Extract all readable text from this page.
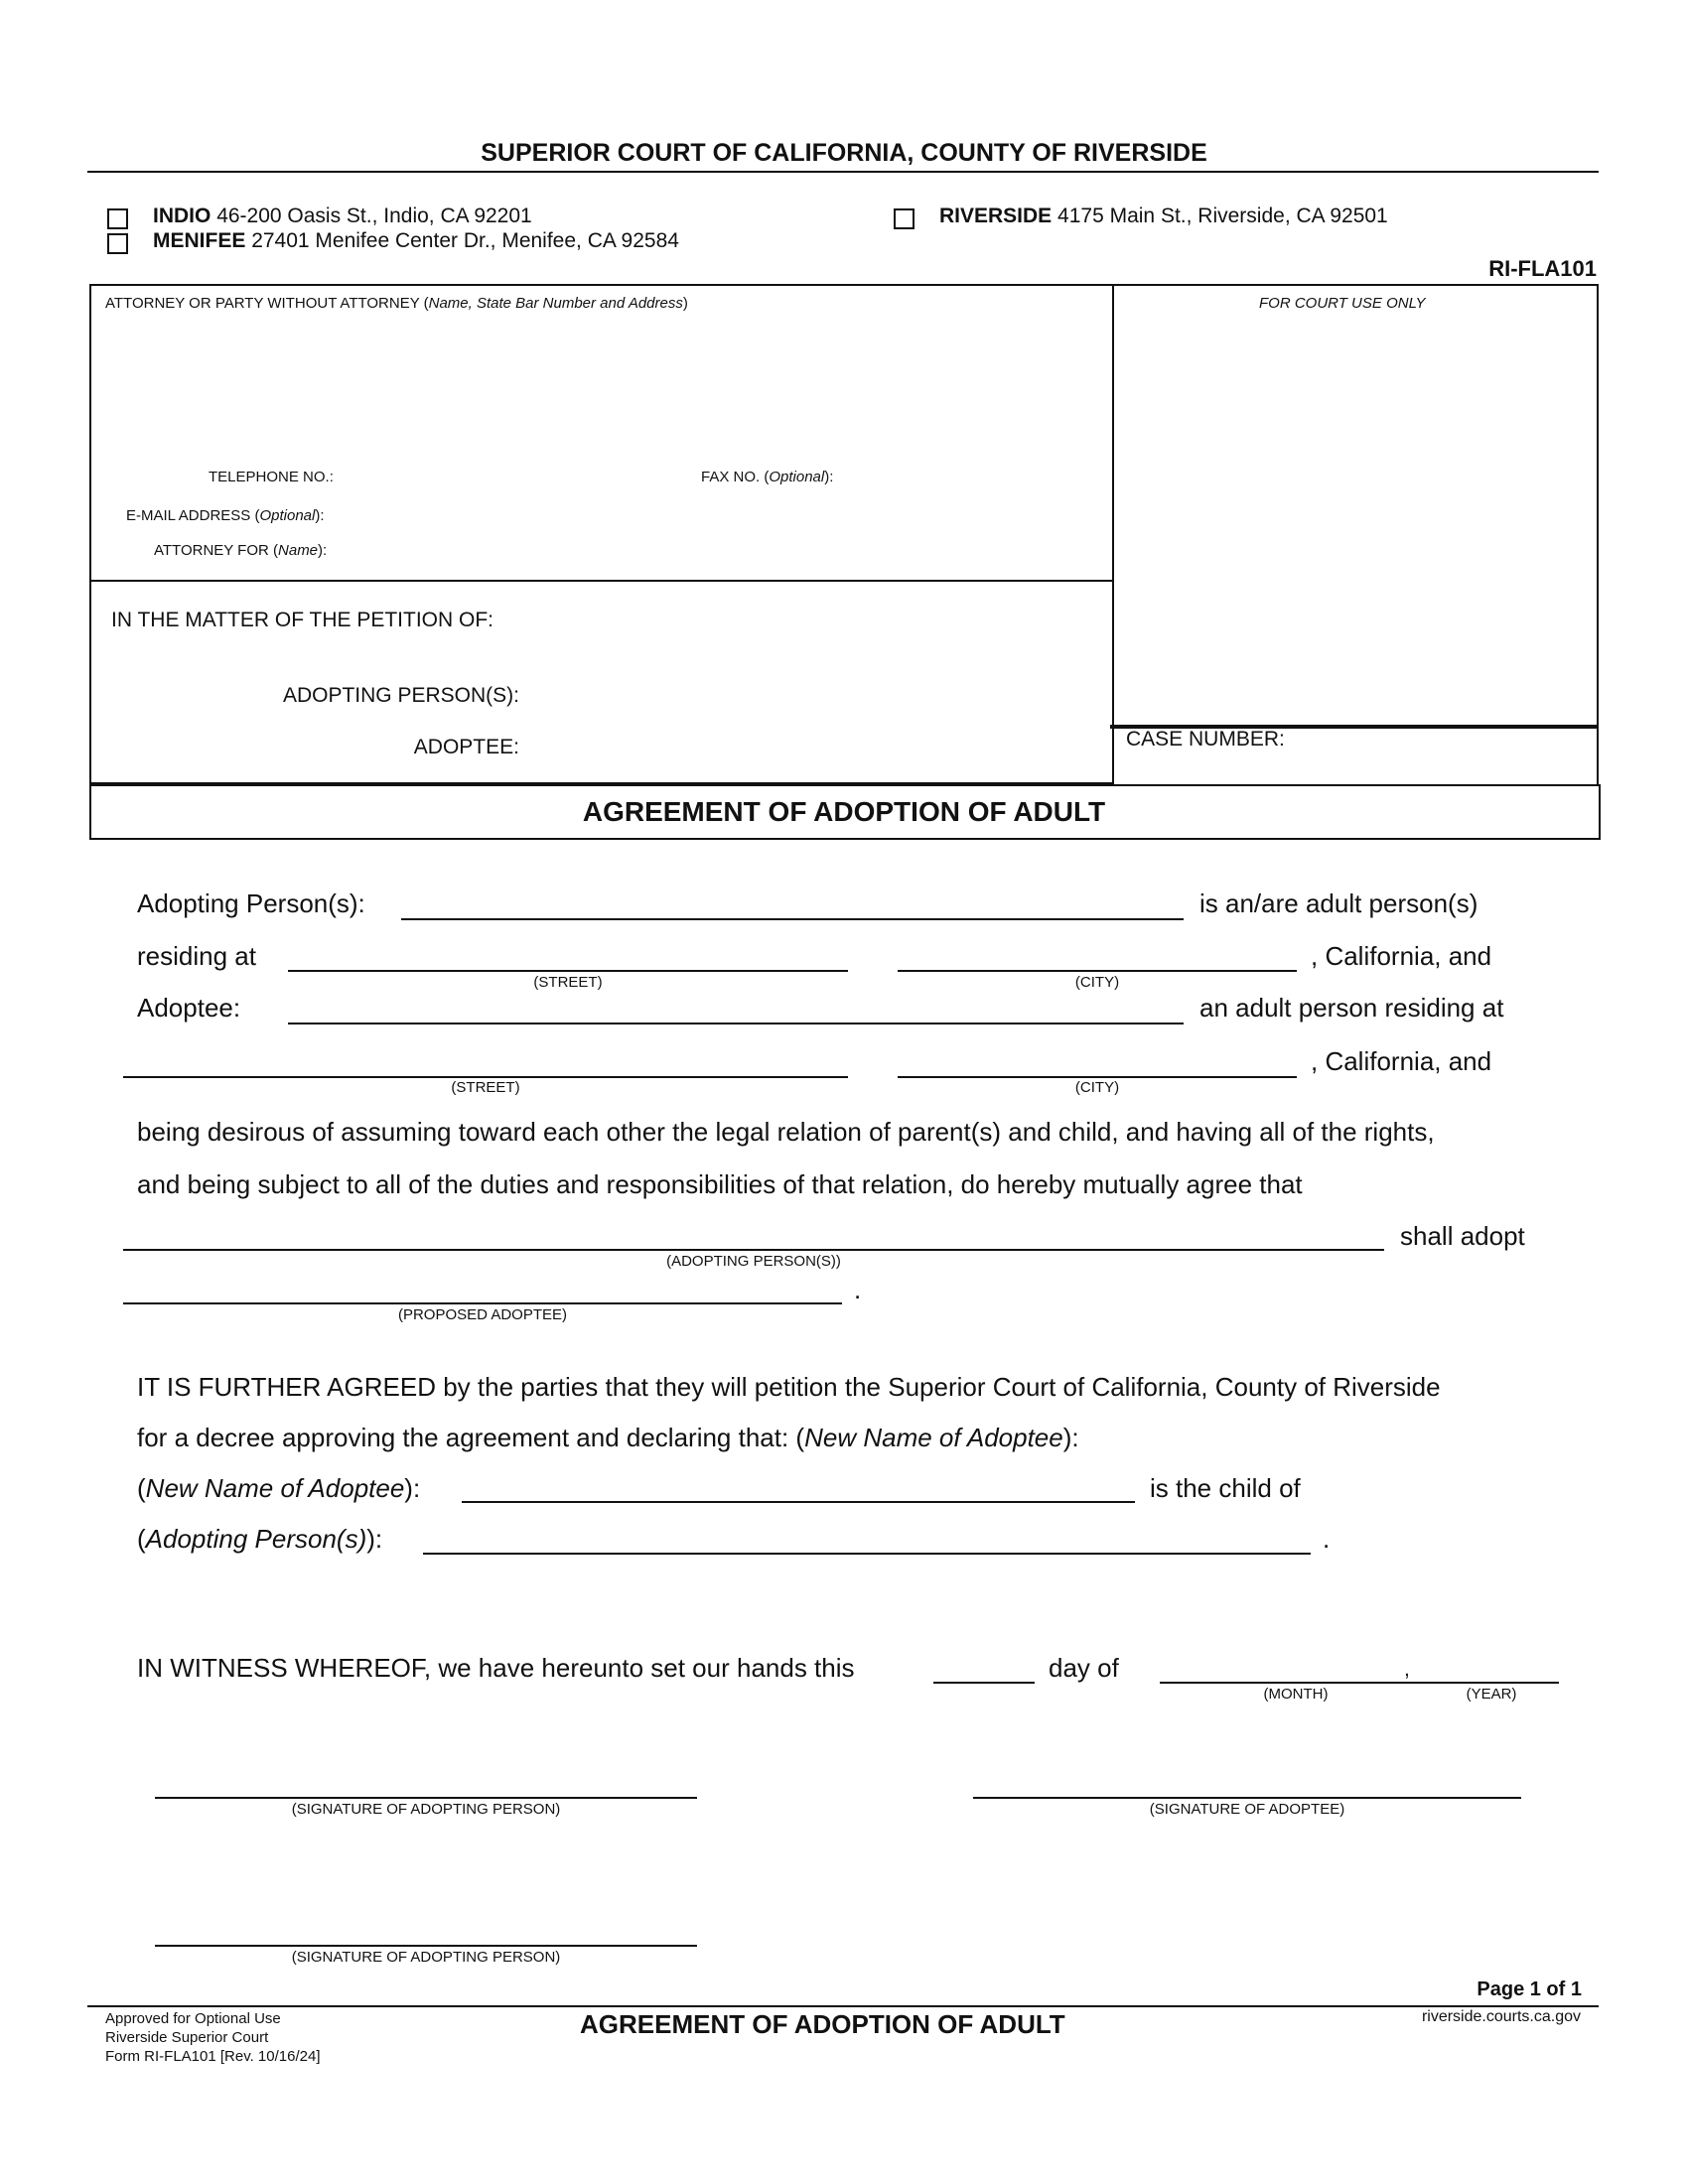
SUPERIOR COURT OF CALIFORNIA, COUNTY OF RIVERSIDE
INDIO 46-200 Oasis St., Indio, CA 92201
MENIFEE 27401 Menifee Center Dr., Menifee, CA 92584
RIVERSIDE 4175 Main St., Riverside, CA 92501
RI-FLA101
ATTORNEY OR PARTY WITHOUT ATTORNEY (Name, State Bar Number and Address)	FOR COURT USE ONLY
TELEPHONE NO.:	FAX NO. (Optional):
E-MAIL ADDRESS (Optional):
ATTORNEY FOR (Name):
IN THE MATTER OF THE PETITION OF:
ADOPTING PERSON(S):
ADOPTEE:	CASE NUMBER:
AGREEMENT OF ADOPTION OF ADULT
Adopting Person(s):	is an/are adult person(s)
residing at
(STREET)	(CITY)
, California, and
Adoptee:	an adult person residing at
(STREET)	(CITY)
, California, and
being desirous of assuming toward each other the legal relation of parent(s) and child, and having all of the rights,
and being subject to all of the duties and responsibilities of that relation, do hereby mutually agree that
(ADOPTING PERSON(S))
shall adopt
.
(PROPOSED ADOPTEE)
IT IS FURTHER AGREED by the parties that they will petition the Superior Court of California, County of Riverside
for a decree approving the agreement and declaring that: (New Name of Adoptee):
(New Name of Adoptee):	is the child of
(Adopting Person(s)):	.
IN WITNESS WHEREOF, we have hereunto set our hands this	day of	,
(MONTH)	(YEAR)
(SIGNATURE OF ADOPTING PERSON)	(SIGNATURE OF ADOPTEE)
(SIGNATURE OF ADOPTING PERSON)
Page 1 of 1
Approved for Optional Use
Riverside Superior Court
Form RI-FLA101 [Rev. 10/16/24]
AGREEMENT OF ADOPTION OF ADULT	riverside.courts.ca.gov
